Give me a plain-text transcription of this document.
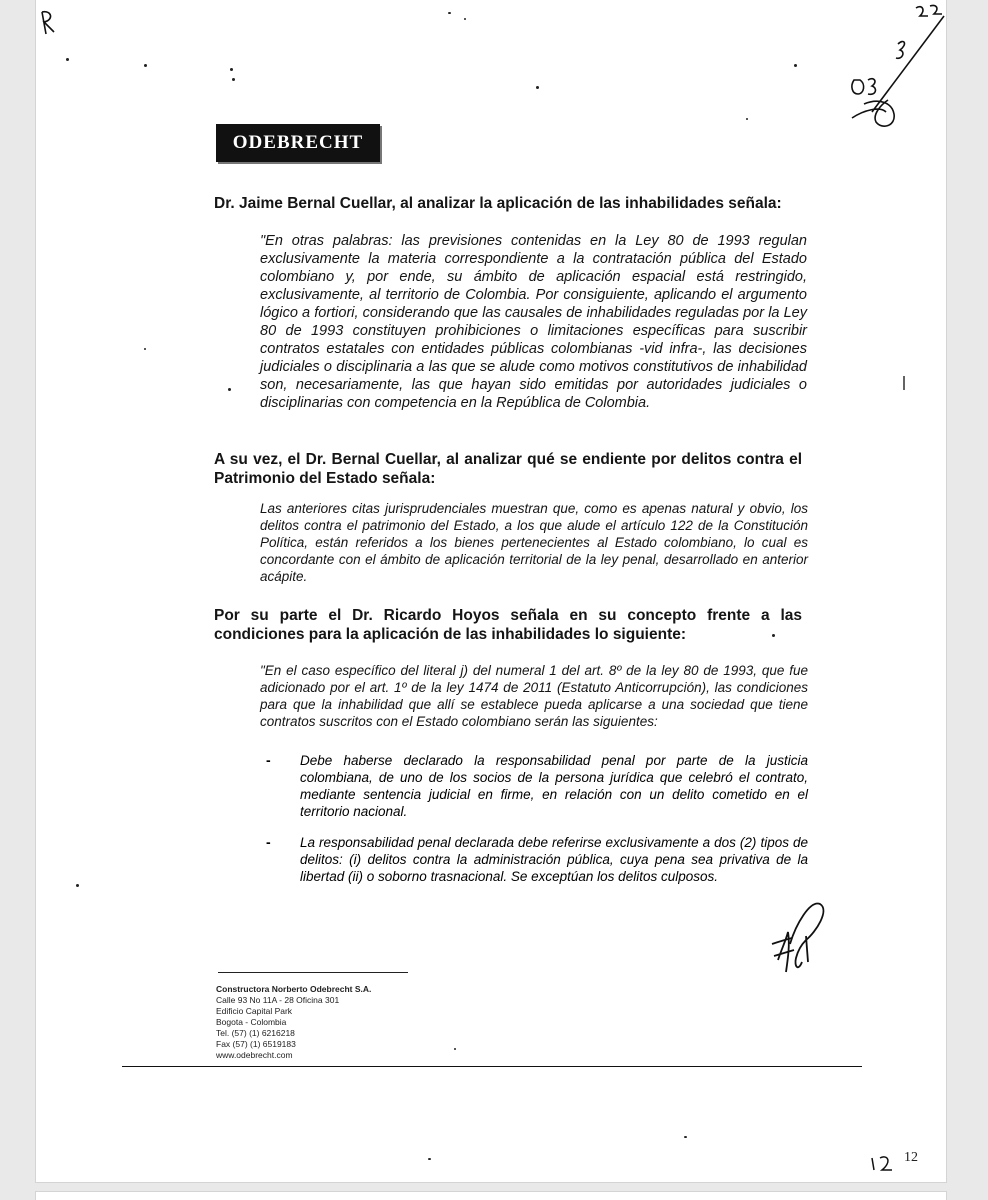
ODEBRECHT
Dr. Jaime Bernal Cuellar, al analizar la aplicación de las inhabilidades señala:
"En otras palabras: las previsiones contenidas en la Ley 80 de 1993 regulan exclusivamente la materia correspondiente a la contratación pública del Estado colombiano y, por ende, su ámbito de aplicación espacial está restringido, exclusivamente, al territorio de Colombia. Por consiguiente, aplicando el argumento lógico a fortiori, considerando que las causales de inhabilidades reguladas por la Ley 80 de 1993 constituyen prohibiciones o limitaciones específicas para suscribir contratos estatales con entidades públicas colombianas -vid infra-, las decisiones judiciales o disciplinaria a las que se alude como motivos constitutivos de inhabilidad son, necesariamente, las que hayan sido emitidas por autoridades judiciales o disciplinarias con competencia en la República de Colombia.
A su vez, el Dr. Bernal Cuellar, al analizar qué se endiente por delitos contra el Patrimonio del Estado señala:
Las anteriores citas jurisprudenciales muestran que, como es apenas natural y obvio, los delitos contra el patrimonio del Estado, a los que alude el artículo 122 de la Constitución Política, están referidos a los bienes pertenecientes al Estado colombiano, lo cual es concordante con el ámbito de aplicación territorial de la ley penal, desarrollado en anterior acápite.
Por su parte el Dr. Ricardo Hoyos señala en su concepto frente a las condiciones para la aplicación de las inhabilidades lo siguiente:
"En el caso específico del literal j) del numeral 1 del art. 8º de la ley 80 de 1993, que fue adicionado por el art. 1º de la ley 1474 de 2011 (Estatuto Anticorrupción), las condiciones para que la inhabilidad que allí se establece pueda aplicarse a una sociedad que tiene contratos suscritos con el Estado colombiano serán las siguientes:
- Debe haberse declarado la responsabilidad penal por parte de la justicia colombiana, de uno de los socios de la persona jurídica que celebró el contrato, mediante sentencia judicial en firme, en relación con un delito cometido en el territorio nacional.
- La responsabilidad penal declarada debe referirse exclusivamente a dos (2) tipos de delitos: (i) delitos contra la administración pública, cuya pena sea privativa de la libertad (ii) o soborno trasnacional. Se exceptúan los delitos culposos.
Constructora Norberto Odebrecht S.A.
Calle 93 No 11A - 28 Oficina 301
Edificio Capital Park
Bogota - Colombia
Tel. (57) (1) 6216218
Fax (57) (1) 6519183
www.odebrecht.com
12
